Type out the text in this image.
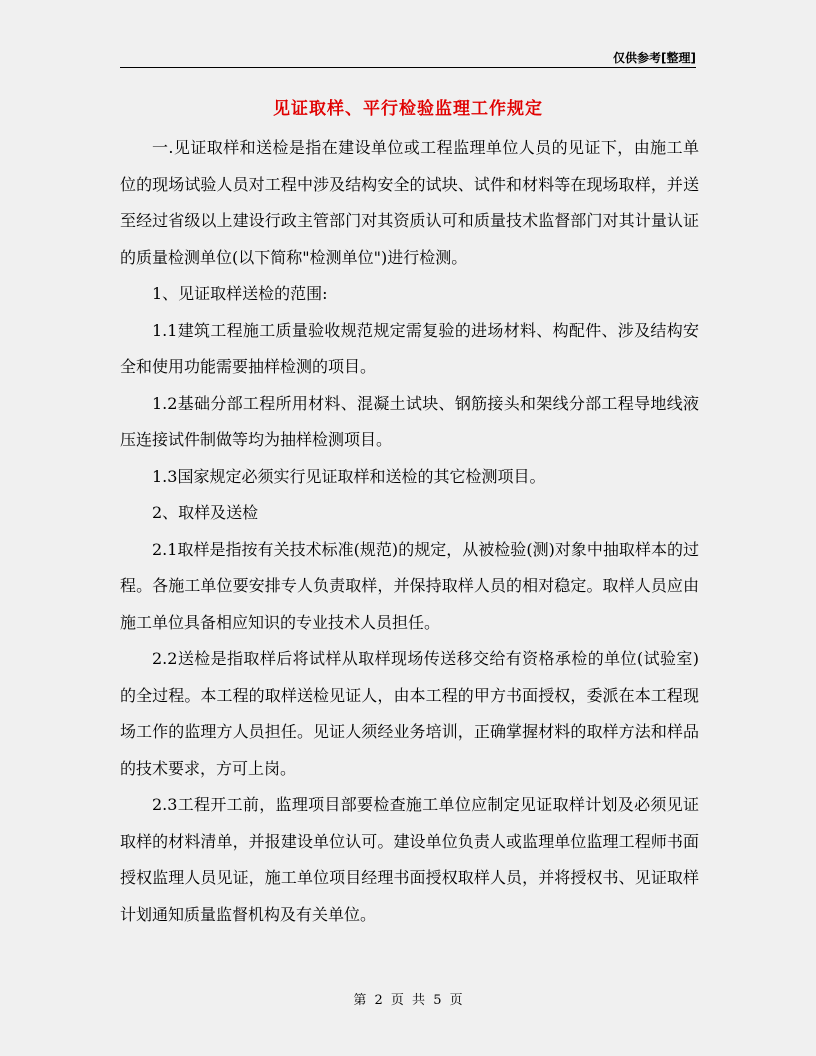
仅供参考[整理]
见证取样、平行检验监理工作规定

一.见证取样和送检是指在建设单位或工程监理单位人员的见证下，由施工单位的现场试验人员对工程中涉及结构安全的试块、试件和材料等在现场取样，并送至经过省级以上建设行政主管部门对其资质认可和质量技术监督部门对其计量认证的质量检测单位(以下简称"检测单位")进行检测。

1、见证取样送检的范围:

1.1建筑工程施工质量验收规范规定需复验的进场材料、构配件、涉及结构安全和使用功能需要抽样检测的项目。

1.2基础分部工程所用材料、混凝土试块、钢筋接头和架线分部工程导地线液压连接试件制做等均为抽样检测项目。

1.3国家规定必须实行见证取样和送检的其它检测项目。

2、取样及送检

2.1取样是指按有关技术标准(规范)的规定，从被检验(测)对象中抽取样本的过程。各施工单位要安排专人负责取样，并保持取样人员的相对稳定。取样人员应由施工单位具备相应知识的专业技术人员担任。

2.2送检是指取样后将试样从取样现场传送移交给有资格承检的单位(试验室)的全过程。本工程的取样送检见证人，由本工程的甲方书面授权，委派在本工程现场工作的监理方人员担任。见证人须经业务培训，正确掌握材料的取样方法和样品的技术要求，方可上岗。

2.3工程开工前，监理项目部要检查施工单位应制定见证取样计划及必须见证取样的材料清单，并报建设单位认可。建设单位负责人或监理单位监理工程师书面授权监理人员见证，施工单位项目经理书面授权取样人员，并将授权书、见证取样计划通知质量监督机构及有关单位。

第 2 页 共 5 页
